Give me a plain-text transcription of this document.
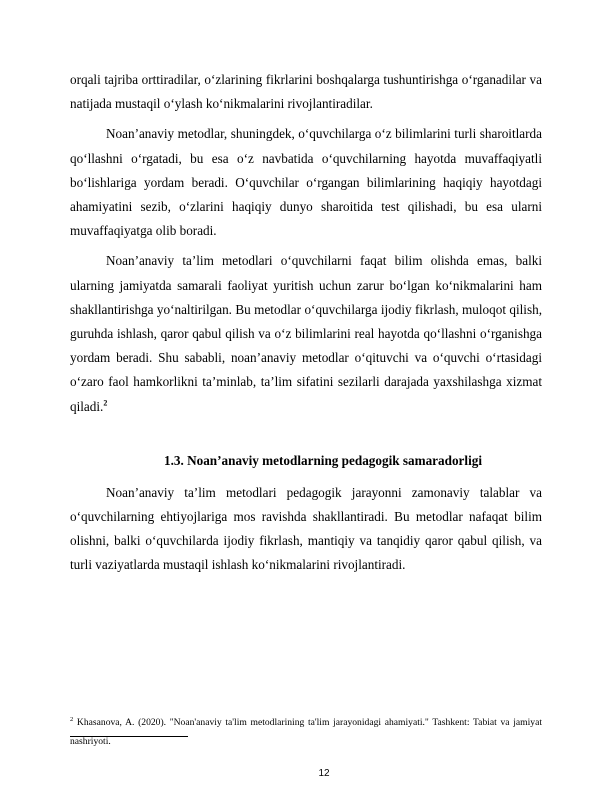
orqali tajriba orttiradilar, o‘zlarining fikrlarini boshqalarga tushuntirishga o‘rganadilar va natijada mustaqil o‘ylash ko‘nikmalarini rivojlantiradilar.

Noan’anaviy metodlar, shuningdek, o‘quvchilarga o‘z bilimlarini turli sharoitlarda qo‘llashni o‘rgatadi, bu esa o‘z navbatida o‘quvchilarning hayotda muvaffaqiyatli bo‘lishlariga yordam beradi. O‘quvchilar o‘rgangan bilimlarining haqiqiy hayotdagi ahamiyatini sezib, o‘zlarini haqiqiy dunyo sharoitida test qilishadi, bu esa ularni muvaffaqiyatga olib boradi.

Noan’anaviy ta’lim metodlari o‘quvchilarni faqat bilim olishda emas, balki ularning jamiyatda samarali faoliyat yuritish uchun zarur bo‘lgan ko‘nikmalarini ham shakllantirishga yo‘naltirilgan. Bu metodlar o‘quvchilarga ijodiy fikrlash, muloqot qilish, guruhda ishlash, qaror qabul qilish va o‘z bilimlarini real hayotda qo‘llashni o‘rganishga yordam beradi. Shu sababli, noan’anaviy metodlar o‘qituvchi va o‘quvchi o‘rtasidagi o‘zaro faol hamkorlikni ta’minlab, ta’lim sifatini sezilarli darajada yaxshilashga xizmat qiladi.$^2$

1.3. Noan’anaviy metodlarning pedagogik samaradorligi

Noan’anaviy ta’lim metodlari pedagogik jarayonni zamonaviy talablar va o‘quvchilarning ehtiyojlariga mos ravishda shakllantiradi. Bu metodlar nafaqat bilim olishni, balki o‘quvchilarda ijodiy fikrlash, mantiqiy va tanqidiy qaror qabul qilish, va turli vaziyatlarda mustaqil ishlash ko‘nikmalarini rivojlantiradi.

$^2$ Khasanova, A. (2020). "Noan'anaviy ta'lim metodlarining ta'lim jarayonidagi ahamiyati." Tashkent: Tabiat va jamiyat nashriyoti.

12
